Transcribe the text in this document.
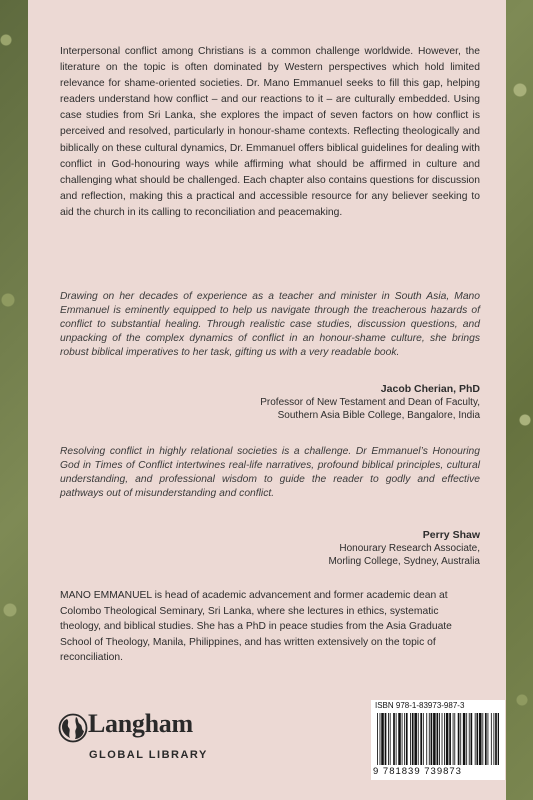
Interpersonal conflict among Christians is a common challenge worldwide. However, the literature on the topic is often dominated by Western perspectives which hold limited relevance for shame-oriented societies. Dr. Mano Emmanuel seeks to fill this gap, helping readers understand how conflict – and our reactions to it – are culturally embedded. Using case studies from Sri Lanka, she explores the impact of seven factors on how conflict is perceived and resolved, particularly in honour-shame contexts. Reflecting theologically and biblically on these cultural dynamics, Dr. Emmanuel offers biblical guidelines for dealing with conflict in God-honouring ways while affirming what should be affirmed in culture and challenging what should be challenged. Each chapter also contains questions for discussion and reflection, making this a practical and accessible resource for any believer seeking to aid the church in its calling to reconciliation and peacemaking.

Drawing on her decades of experience as a teacher and minister in South Asia, Mano Emmanuel is eminently equipped to help us navigate through the treacherous hazards of conflict to substantial healing. Through realistic case studies, discussion questions, and unpacking of the complex dynamics of conflict in an honour-shame culture, she brings robust biblical imperatives to her task, gifting us with a very readable book.

Jacob Cherian, PhD
Professor of New Testament and Dean of Faculty,
Southern Asia Bible College, Bangalore, India

Resolving conflict in highly relational societies is a challenge. Dr Emmanuel’s Honouring God in Times of Conflict intertwines real-life narratives, profound biblical principles, cultural understanding, and professional wisdom to guide the reader to godly and effective pathways out of misunderstanding and conflict.

Perry Shaw
Honourary Research Associate,
Morling College, Sydney, Australia

MANO EMMANUEL is head of academic advancement and former academic dean at Colombo Theological Seminary, Sri Lanka, where she lectures in ethics, systematic theology, and biblical studies. She has a PhD in peace studies from the Asia Graduate School of Theology, Manila, Philippines, and has written extensively on the topic of reconciliation.

Langham
GLOBAL LIBRARY
ISBN 978-1-83973-987-3
9 781839 739873
